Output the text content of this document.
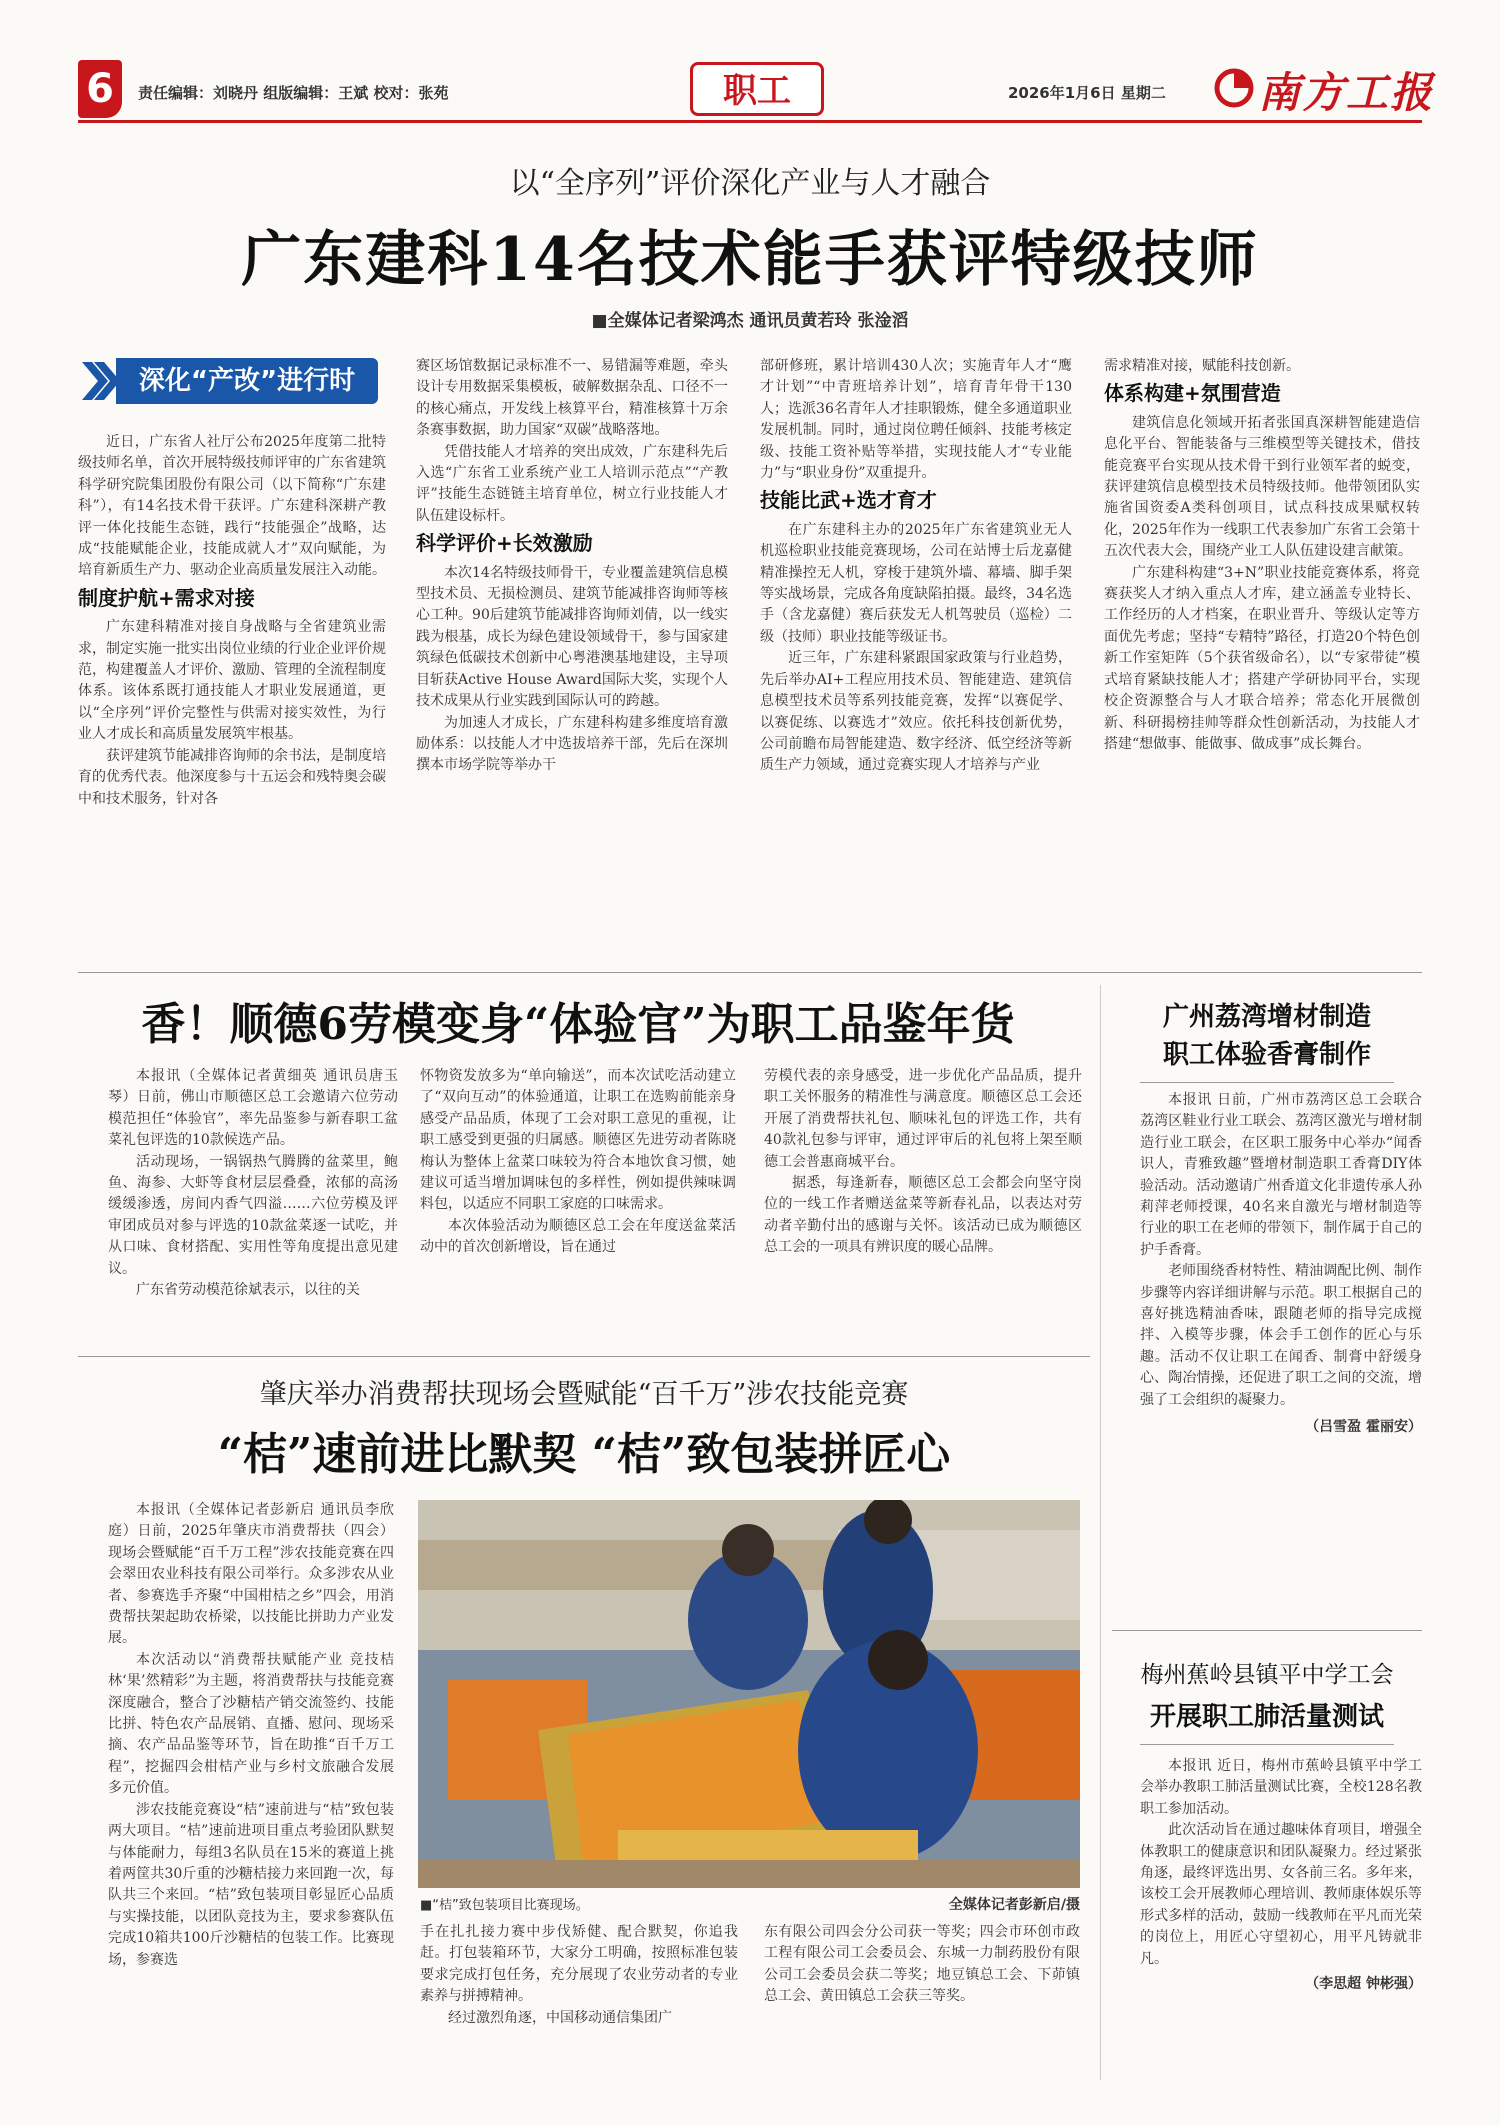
6	责任编辑：刘晓丹 组版编辑：王斌 校对：张苑	职工	2026年1月6日 星期二 南方工报
以“全序列”评价深化产业与人才融合
广东建科14名技术能手获评特级技师
■全媒体记者梁鸿杰 通讯员黄若玲 张淦滔
深化“产改”进行时

近日，广东省人社厅公布2025年度第二批特级技师名单，首次开展特级技师评审的广东省建筑科学研究院集团股份有限公司（以下简称“广东建科”），有14名技术骨干获评。广东建科深耕产教评一体化技能生态链，践行“技能强企”战略，达成“技能赋能企业，技能成就人才”双向赋能，为培育新质生产力、驱动企业高质量发展注入动能。

制度护航+需求对接

广东建科精准对接自身战略与全省建筑业需求，制定实施一批实出岗位业绩的行业企业评价规范，构建覆盖人才评价、激励、管理的全流程制度体系。该体系既打通技能人才职业发展通道，更以“全序列”评价完整性与供需对接实效性，为行业人才成长和高质量发展筑牢根基。

获评建筑节能减排咨询师的余书法，是制度培育的优秀代表。他深度参与十五运会和残特奥会碳中和技术服务，针对各

赛区场馆数据记录标准不一、易错漏等难题，牵头设计专用数据采集模板，破解数据杂乱、口径不一的核心痛点，开发线上核算平台，精准核算十万余条赛事数据，助力国家“双碳”战略落地。

凭借技能人才培养的突出成效，广东建科先后入选“广东省工业系统产业工人培训示范点”“产教评”技能生态链链主培育单位，树立行业技能人才队伍建设标杆。

科学评价+长效激励

本次14名特级技师骨干，专业覆盖建筑信息模型技术员、无损检测员、建筑节能减排咨询师等核心工种。90后建筑节能减排咨询师刘倩，以一线实践为根基，成长为绿色建设领域骨干，参与国家建筑绿色低碳技术创新中心粤港澳基地建设，主导项目斩获Active House Award国际大奖，实现个人技术成果从行业实践到国际认可的跨越。

为加速人才成长，广东建科构建多维度培育激励体系：以技能人才中选拔培养干部，先后在深圳撰本市场学院等举办干

部研修班，累计培训430人次；实施青年人才“鹰才计划”“中青班培养计划”，培育青年骨干130人；选派36名青年人才挂职锻炼，健全多通道职业发展机制。同时，通过岗位聘任倾斜、技能考核定级、技能工资补贴等举措，实现技能人才“专业能力”与“职业身份”双重提升。

技能比武+选才育才

在广东建科主办的2025年广东省建筑业无人机巡检职业技能竞赛现场，公司在站博士后龙嘉健精准操控无人机，穿梭于建筑外墙、幕墙、脚手架等实战场景，完成各角度缺陷拍摄。最终，34名选手（含龙嘉健）赛后获发无人机驾驶员（巡检）二级（技师）职业技能等级证书。

近三年，广东建科紧跟国家政策与行业趋势，先后举办AI+工程应用技术员、智能建造、建筑信息模型技术员等系列技能竞赛，发挥“以赛促学、以赛促练、以赛选才”效应。依托科技创新优势，公司前瞻布局智能建造、数字经济、低空经济等新质生产力领域，通过竞赛实现人才培养与产业

需求精准对接，赋能科技创新。

体系构建+氛围营造

建筑信息化领域开拓者张国真深耕智能建造信息化平台、智能装备与三维模型等关键技术，借技能竞赛平台实现从技术骨干到行业领军者的蜕变，获评建筑信息模型技术员特级技师。他带领团队实施省国资委A类科创项目，试点科技成果赋权转化，2025年作为一线职工代表参加广东省工会第十五次代表大会，围绕产业工人队伍建设建言献策。

广东建科构建“3+N”职业技能竞赛体系，将竞赛获奖人才纳入重点人才库，建立涵盖专业特长、工作经历的人才档案，在职业晋升、等级认定等方面优先考虑；坚持“专精特”路径，打造20个特色创新工作室矩阵（5个获省级命名），以“专家带徒”模式培育紧缺技能人才；搭建产学研协同平台，实现校企资源整合与人才联合培养；常态化开展微创新、科研揭榜挂帅等群众性创新活动，为技能人才搭建“想做事、能做事、做成事”成长舞台。

香！顺德6劳模变身“体验官”为职工品鉴年货

本报讯（全媒体记者黄细英 通讯员唐玉琴）日前，佛山市顺德区总工会邀请六位劳动模范担任“体验官”，率先品鉴参与新春职工盆菜礼包评选的10款候选产品。

活动现场，一锅锅热气腾腾的盆菜里，鲍鱼、海参、大虾等食材层层叠叠，浓郁的高汤缓缓渗透，房间内香气四溢……六位劳模及评审团成员对参与评选的10款盆菜逐一试吃，并从口味、食材搭配、实用性等角度提出意见建议。

广东省劳动模范徐斌表示，以往的关

怀物资发放多为“单向输送”，而本次试吃活动建立了“双向互动”的体验通道，让职工在选购前能亲身感受产品品质，体现了工会对职工意见的重视，让职工感受到更强的归属感。顺德区先进劳动者陈晓梅认为整体上盆菜口味较为符合本地饮食习惯，她建议可适当增加调味包的多样性，例如提供辣味调料包，以适应不同职工家庭的口味需求。

本次体验活动为顺德区总工会在年度送盆菜活动中的首次创新增设，旨在通过

劳模代表的亲身感受，进一步优化产品品质，提升职工关怀服务的精准性与满意度。顺德区总工会还开展了消费帮扶礼包、顺味礼包的评选工作，共有40款礼包参与评审，通过评审后的礼包将上架至顺德工会普惠商城平台。

据悉，每逢新春，顺德区总工会都会向坚守岗位的一线工作者赠送盆菜等新春礼品，以表达对劳动者辛勤付出的感谢与关怀。该活动已成为顺德区总工会的一项具有辨识度的暖心品牌。

肇庆举办消费帮扶现场会暨赋能“百千万”涉农技能竞赛
“桔”速前进比默契 “桔”致包装拼匠心

本报讯（全媒体记者彭新启 通讯员李欣庭）日前，2025年肇庆市消费帮扶（四会）现场会暨赋能“百千万工程”涉农技能竞赛在四会翠田农业科技有限公司举行。众多涉农从业者、参赛选手齐聚“中国柑桔之乡”四会，用消费帮扶架起助农桥梁，以技能比拼助力产业发展。

本次活动以“消费帮扶赋能产业 竞技桔林‘果’然精彩”为主题，将消费帮扶与技能竞赛深度融合，整合了沙糖桔产销交流签约、技能比拼、特色农产品展销、直播、慰问、现场采摘、农产品品鉴等环节，旨在助推“百千万工程”，挖掘四会柑桔产业与乡村文旅融合发展多元价值。

涉农技能竞赛设“桔”速前进与“桔”致包装两大项目。“桔”速前进项目重点考验团队默契与体能耐力，每组3名队员在15米的赛道上挑着两筐共30斤重的沙糖桔接力来回跑一次，每队共三个来回。“桔”致包装项目彰显匠心品质与实操技能，以团队竞技为主，要求参赛队伍完成10箱共100斤沙糖桔的包装工作。比赛现场，参赛选

■“桔”致包装项目比赛现场。	全媒体记者彭新启/摄

手在扎扎接力赛中步伐矫健、配合默契，你追我赶。打包装箱环节，大家分工明确，按照标准包装要求完成打包任务，充分展现了农业劳动者的专业素养与拼搏精神。

经过激烈角逐，中国移动通信集团广

东有限公司四会分公司获一等奖；四会市环创市政工程有限公司工会委员会、东城一力制药股份有限公司工会委员会获二等奖；地豆镇总工会、下茆镇总工会、黄田镇总工会获三等奖。

广州荔湾增材制造
职工体验香膏制作

本报讯 日前，广州市荔湾区总工会联合荔湾区鞋业行业工联会、荔湾区激光与增材制造行业工联会，在区职工服务中心举办“闻香识人，青雅致趣”暨增材制造职工香膏DIY体验活动。活动邀请广州香道文化非遗传承人孙莉萍老师授课，40名来自激光与增材制造等行业的职工在老师的带领下，制作属于自己的护手香膏。

老师围绕香材特性、精油调配比例、制作步骤等内容详细讲解与示范。职工根据自己的喜好挑选精油香味，跟随老师的指导完成搅拌、入模等步骤，体会手工创作的匠心与乐趣。活动不仅让职工在闻香、制膏中舒缓身心、陶冶情操，还促进了职工之间的交流，增强了工会组织的凝聚力。

（吕雪盈 霍丽安）
梅州蕉岭县镇平中学工会
开展职工肺活量测试

本报讯 近日，梅州市蕉岭县镇平中学工会举办教职工肺活量测试比赛，全校128名教职工参加活动。

此次活动旨在通过趣味体育项目，增强全体教职工的健康意识和团队凝聚力。经过紧张角逐，最终评选出男、女各前三名。多年来，该校工会开展教师心理培训、教师康体娱乐等形式多样的活动，鼓励一线教师在平凡而光荣的岗位上，用匠心守望初心，用平凡铸就非凡。

（李思超 钟彬强）
